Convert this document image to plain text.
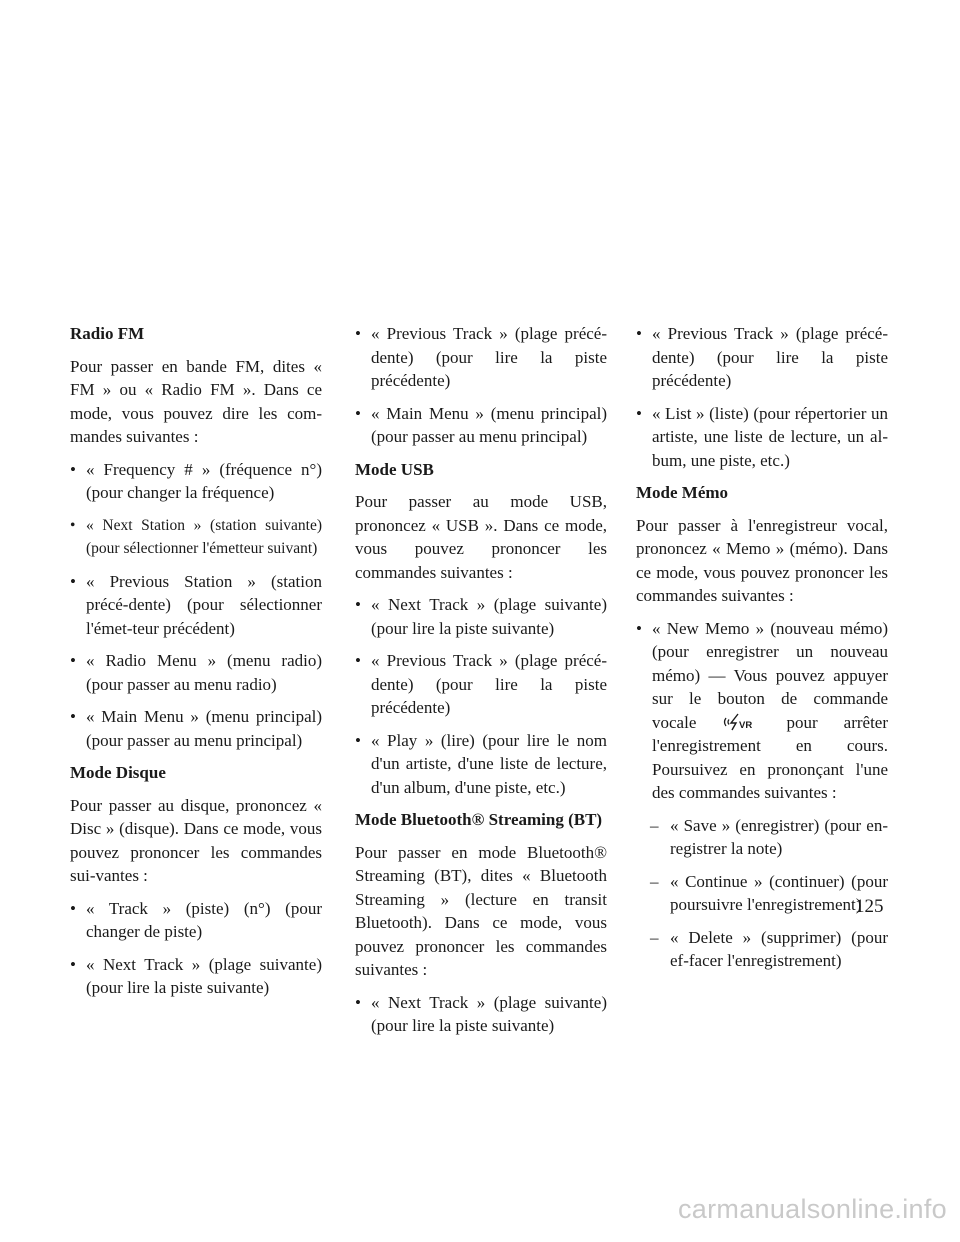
Radio FM
Pour passer en bande FM, dites « FM » ou « Radio FM ». Dans ce mode, vous pouvez dire les com-mandes suivantes :
• « Frequency # » (fréquence n°) (pour changer la fréquence)
• « Next Station » (station suivante) (pour sélectionner l'émetteur suivant)
• « Previous Station » (station précé-dente) (pour sélectionner l'émet-teur précédent)
• « Radio Menu » (menu radio) (pour passer au menu radio)
• « Main Menu » (menu principal) (pour passer au menu principal)
Mode Disque
Pour passer au disque, prononcez « Disc » (disque). Dans ce mode, vous pouvez prononcer les commandes sui-vantes :
• « Track » (piste) (n°) (pour changer de piste)
• « Next Track » (plage suivante) (pour lire la piste suivante)
• « Previous Track » (plage précé-dente) (pour lire la piste précédente)
• « Main Menu » (menu principal) (pour passer au menu principal)
Mode USB
Pour passer au mode USB, prononcez « USB ». Dans ce mode, vous pouvez prononcer les commandes suivantes :
• « Next Track » (plage suivante) (pour lire la piste suivante)
• « Previous Track » (plage précé-dente) (pour lire la piste précédente)
• « Play » (lire) (pour lire le nom d'un artiste, d'une liste de lecture, d'un album, d'une piste, etc.)
Mode Bluetooth® Streaming (BT)
Pour passer en mode Bluetooth® Streaming (BT), dites « Bluetooth Streaming » (lecture en transit Bluetooth). Dans ce mode, vous pouvez prononcer les commandes suivantes :
• « Next Track » (plage suivante) (pour lire la piste suivante)
• « Previous Track » (plage précé-dente) (pour lire la piste précédente)
• « List » (liste) (pour répertorier un artiste, une liste de lecture, un al-bum, une piste, etc.)
Mode Mémo
Pour passer à l'enregistreur vocal, prononcez « Memo » (mémo). Dans ce mode, vous pouvez prononcer les commandes suivantes :
• « New Memo » (nouveau mémo) (pour enregistrer un nouveau mémo) — Vous pouvez appuyer sur le bouton de commande vocale	VR pour arrêter l'enregistrement en cours. Poursuivez en prononçant l'une des commandes suivantes :
– « Save » (enregistrer) (pour en-registrer la note)
– « Continue » (continuer) (pour poursuivre l'enregistrement)
– « Delete » (supprimer) (pour ef-facer l'enregistrement)
125
carmanualsonline.info
